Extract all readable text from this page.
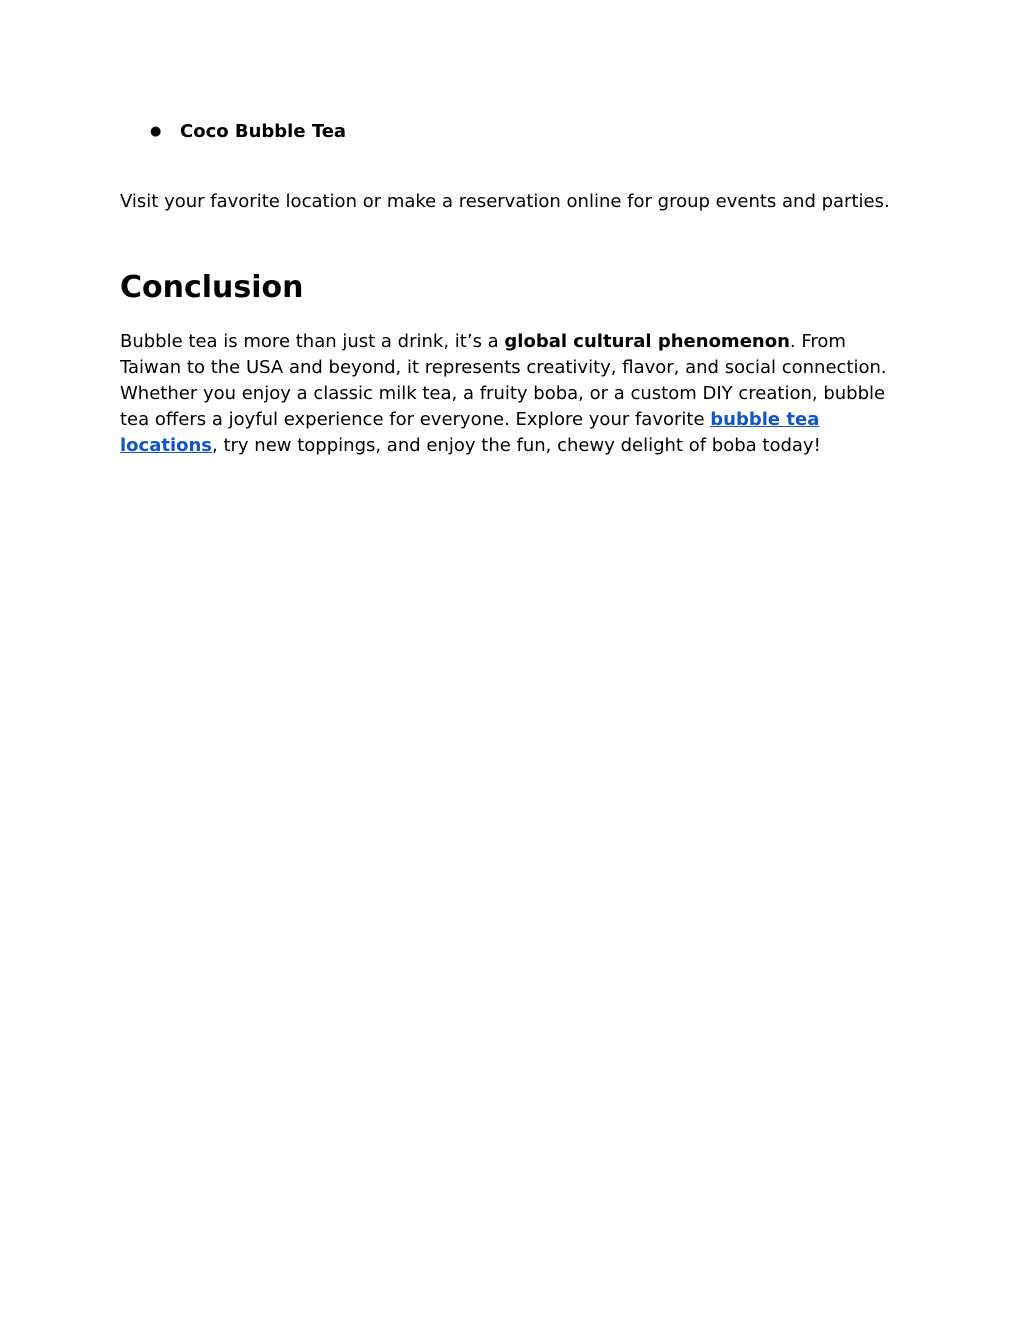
●	Coco Bubble Tea

Visit your favorite location or make a reservation online for group events and parties.

Conclusion

Bubble tea is more than just a drink, it’s a global cultural phenomenon. From Taiwan to the USA and beyond, it represents creativity, flavor, and social connection. Whether you enjoy a classic milk tea, a fruity boba, or a custom DIY creation, bubble tea offers a joyful experience for everyone. Explore your favorite bubble tea locations, try new toppings, and enjoy the fun, chewy delight of boba today!
